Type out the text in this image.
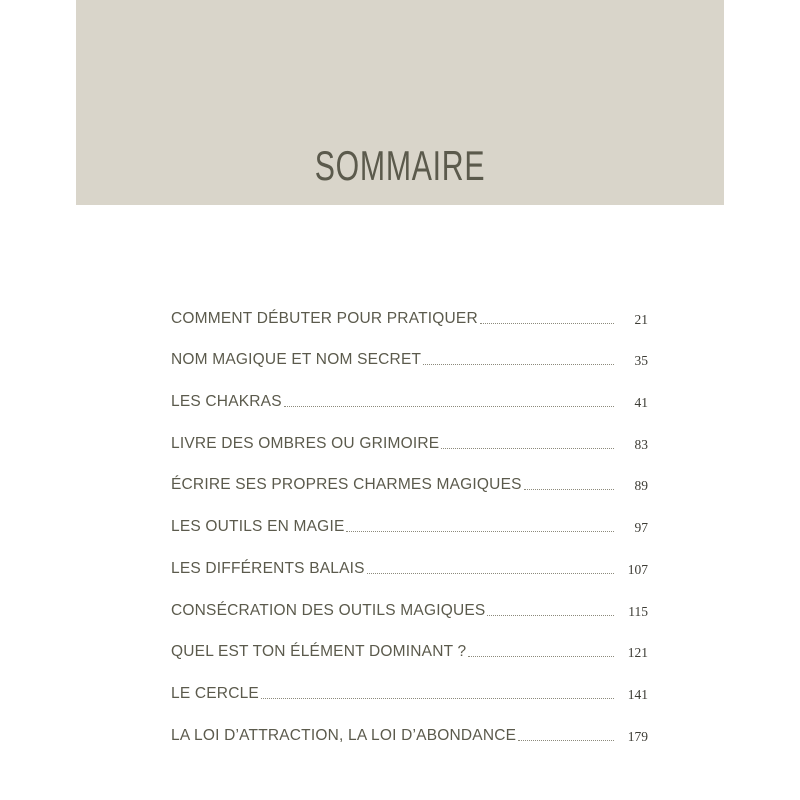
SOMMAIRE
COMMENT DÉBUTER POUR PRATIQUER	21
NOM MAGIQUE ET NOM SECRET	35
LES CHAKRAS	41
LIVRE DES OMBRES OU GRIMOIRE	83
ÉCRIRE SES PROPRES CHARMES MAGIQUES	89
LES OUTILS EN MAGIE	97
LES DIFFÉRENTS BALAIS	107
CONSÉCRATION DES OUTILS MAGIQUES	115
QUEL EST TON ÉLÉMENT DOMINANT ?	121
LE CERCLE	141
LA LOI D’ATTRACTION, LA LOI D’ABONDANCE	179
